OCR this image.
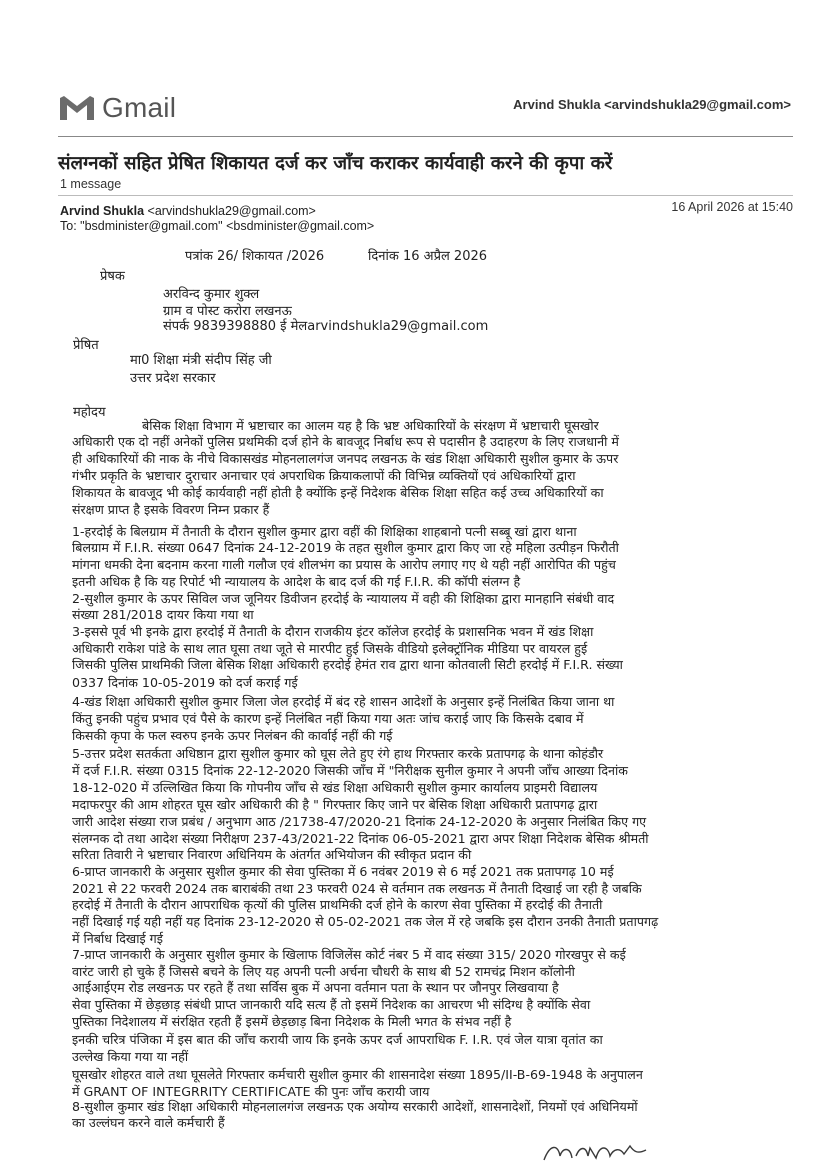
Gmail	Arvind Shukla <arvindshukla29@gmail.com>
संलग्नकों सहित प्रेषित शिकायत दर्ज कर जाँच कराकर कार्यवाही करने की कृपा करें
1 message
Arvind Shukla <arvindshukla29@gmail.com>	16 April 2026 at 15:40
To: "bsdminister@gmail.com" <bsdminister@gmail.com>
पत्रांक 26/ शिकायत /2026	दिनांक 16 अप्रैल 2026
प्रेषक
अरविन्द कुमार शुक्ल
ग्राम व पोस्ट करोरा लखनऊ
संपर्क 9839398880 ई मेलarvindshukla29@gmail.com
प्रेषित
मा0 शिक्षा मंत्री संदीप सिंह जी
उत्तर प्रदेश सरकार
महोदय
बेसिक शिक्षा विभाग में भ्रष्टाचार का आलम यह है कि भ्रष्ट अधिकारियों के संरक्षण में भ्रष्टाचारी घूसखोर
अधिकारी एक दो नहीं अनेकों पुलिस प्रथमिकी दर्ज होने के बावजूद निर्बाध रूप से पदासीन है उदाहरण के लिए राजधानी में
ही अधिकारियों की नाक के नीचे विकासखंड मोहनलालगंज जनपद लखनऊ के खंड शिक्षा अधिकारी सुशील कुमार के ऊपर
गंभीर प्रकृति के भ्रष्टाचार दुराचार अनाचार एवं अपराधिक क्रियाकलापों की विभिन्न व्यक्तियों एवं अधिकारियों द्वारा
शिकायत के बावजूद भी कोई कार्यवाही नहीं होती है क्योंकि इन्हें निदेशक बेसिक शिक्षा सहित कई उच्च अधिकारियों का
संरक्षण प्राप्त है इसके विवरण निम्न प्रकार हैं
1-हरदोई के बिलग्राम में तैनाती के दौरान सुशील कुमार द्वारा वहीं की शिक्षिका शाहबानो पत्नी सब्बू खां द्वारा थाना
बिलग्राम में F.I.R. संख्या 0647 दिनांक 24-12-2019 के तहत सुशील कुमार द्वारा किए जा रहे महिला उत्पीड़न फिरौती
मांगना धमकी देना बदनाम करना गाली गलौज एवं शीलभंग का प्रयास के आरोप लगाए गए थे यही नहीं आरोपित की पहुंच
इतनी अधिक है कि यह रिपोर्ट भी न्यायालय के आदेश के बाद दर्ज की गई F.I.R. की कॉपी संलग्न है
2-सुशील कुमार के ऊपर सिविल जज जूनियर डिवीजन हरदोई के न्यायालय में वही की शिक्षिका द्वारा मानहानि संबंधी वाद
संख्या 281/2018 दायर किया गया था
3-इससे पूर्व भी इनके द्वारा हरदोई में तैनाती के दौरान राजकीय इंटर कॉलेज हरदोई के प्रशासनिक भवन में खंड शिक्षा
अधिकारी राकेश पांडे के साथ लात घूसा तथा जूते से मारपीट हुई जिसके वीडियो इलेक्ट्रॉनिक मीडिया पर वायरल हुई
जिसकी पुलिस प्राथमिकी जिला बेसिक शिक्षा अधिकारी हरदोई हेमंत राव द्वारा थाना कोतवाली सिटी हरदोई में F.I.R. संख्या
0337 दिनांक 10-05-2019 को दर्ज कराई गई
4-खंड शिक्षा अधिकारी सुशील कुमार जिला जेल हरदोई में बंद रहे शासन आदेशों के अनुसार इन्हें निलंबित किया जाना था
किंतु इनकी पहुंच प्रभाव एवं पैसे के कारण इन्हें निलंबित नहीं किया गया अतः जांच कराई जाए कि किसके दबाव में
किसकी कृपा के फल स्वरुप इनके ऊपर निलंबन की कार्वाई नहीं की गई
5-उत्तर प्रदेश सतर्कता अधिष्ठान द्वारा सुशील कुमार को घूस लेते हुए रंगे हाथ गिरफ्तार करके प्रतापगढ़ के थाना कोहंडौर
में दर्ज F.I.R. संख्या 0315 दिनांक 22-12-2020 जिसकी जाँच में "निरीक्षक सुनील कुमार ने अपनी जाँच आख्या दिनांक
18-12-020 में उल्लिखित किया कि गोपनीय जाँच से खंड शिक्षा अधिकारी सुशील कुमार कार्यालय प्राइमरी विद्यालय
मदाफरपुर की आम शोहरत घूस खोर अधिकारी की है " गिरफ्तार किए जाने पर बेसिक शिक्षा अधिकारी प्रतापगढ़ द्वारा
जारी आदेश संख्या राज प्रबंध / अनुभाग आठ /21738-47/2020-21 दिनांक 24-12-2020 के अनुसार निलंबित किए गए
संलग्नक दो तथा आदेश संख्या निरीक्षण 237-43/2021-22 दिनांक 06-05-2021 द्वारा अपर शिक्षा निदेशक बेसिक श्रीमती
सरिता तिवारी ने भ्रष्टाचार निवारण अधिनियम के अंतर्गत अभियोजन की स्वीकृत प्रदान की
6-प्राप्त जानकारी के अनुसार सुशील कुमार की सेवा पुस्तिका में 6 नवंबर 2019 से 6 मई 2021 तक प्रतापगढ़ 10 मई
2021 से 22 फरवरी 2024 तक बाराबंकी तथा 23 फरवरी 024 से वर्तमान तक लखनऊ में तैनाती दिखाई जा रही है जबकि
हरदोई में तैनाती के दौरान आपराधिक कृत्यों की पुलिस प्राथमिकी दर्ज होने के कारण सेवा पुस्तिका में हरदोई की तैनाती
नहीं दिखाई गई यही नहीं यह दिनांक 23-12-2020 से 05-02-2021 तक जेल में रहे जबकि इस दौरान उनकी तैनाती प्रतापगढ़
में निर्बाध दिखाई गई
7-प्राप्त जानकारी के अनुसार सुशील कुमार के खिलाफ विजिलेंस कोर्ट नंबर 5 में वाद संख्या 315/ 2020 गोरखपुर से कई
वारंट जारी हो चुके हैं जिससे बचने के लिए यह अपनी पत्नी अर्चना चौधरी के साथ बी 52 रामचंद्र मिशन कॉलोनी
आईआईएम रोड लखनऊ पर रहते हैं तथा सर्विस बुक में अपना वर्तमान पता के स्थान पर जौनपुर लिखवाया है
सेवा पुस्तिका में छेड़छाड़ संबंधी प्राप्त जानकारी यदि सत्य हैं तो इसमें निदेशक का आचरण भी संदिग्ध है क्योंकि सेवा
पुस्तिका निदेशालय में संरक्षित रहती हैं इसमें छेड़छाड़ बिना निदेशक के मिली भगत के संभव नहीं है
इनकी चरित्र पंजिका में इस बात की जाँच करायी जाय कि इनके ऊपर दर्ज आपराधिक F. I.R. एवं जेल यात्रा वृतांत का
उल्लेख किया गया या नहीं
घूसखोर शोहरत वाले तथा घूसलेते गिरफ्तार कर्मचारी सुशील कुमार की शासनादेश संख्या 1895/II-B-69-1948 के अनुपालन
में GRANT OF INTEGRRITY CERTIFICATE की पुनः जाँच करायी जाय
8-सुशील कुमार खंड शिक्षा अधिकारी मोहनलालगंज लखनऊ एक अयोग्य सरकारी आदेशों, शासनादेशों, नियमों एवं अधिनियमों
का उल्लंघन करने वाले कर्मचारी हैं
